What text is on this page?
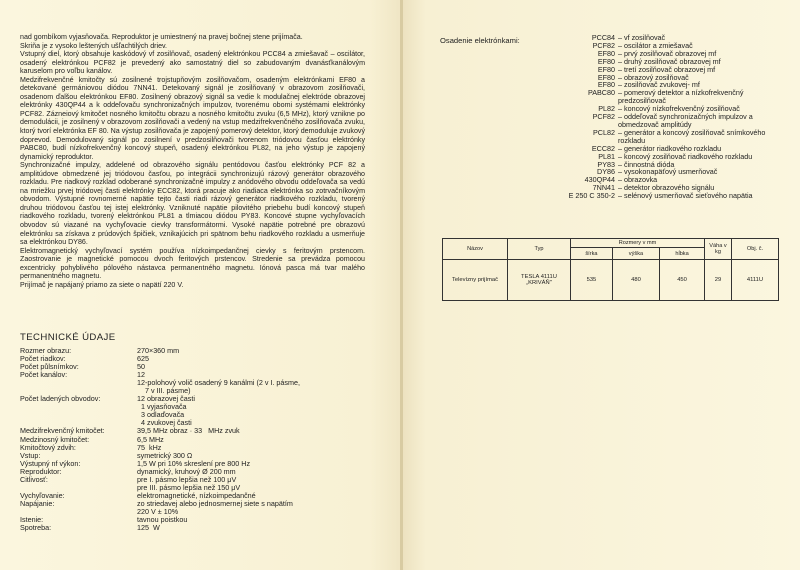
nad gombíkom vyjasňovača. Reproduktor je umiestnený na pravej bočnej stene prijímača.

Skriňa je z vysoko leštených ušľachtilých driev.

Vstupný diel, ktorý obsahuje kaskódový vf zosilňovač, osadený elektrónkou PCC84 a zmiešavač – oscilátor, osadený elektrónkou PCF82 je prevedený ako samostatný diel so zabudovaným dvanásťkanálovým karuselom pro voľbu kanálov.

Medzifrekvenčné kmitočty sú zosilnené trojstupňovým zosilňovačom, osadeným elektrónkami EF80 a detekované germániovou diódou 7NN41. Detekovaný signál je zosilňovaný v obrazovom zosilňovači, osadenom ďalšou elektrónkou EF80. Zosilnený obrazový signál sa vedie k modulačnej elektróde obrazovej elektrónky 430QP44 a k oddeľovaču synchronizačných impulzov, tvorenému obomi systémami elektrónky PCF82. Zázneiový kmitočet nosného kmitočtu obrazu a nosného kmitočtu zvuku (6,5 MHz), ktorý vznikne po demodulácii, je zosilnený v obrazovom zosilňovači a vedený na vstup medzifrekvenčného zosilňovača zvuku, ktorý tvorí elektrónka EF 80. Na výstup zosilňovača je zapojený pomerový detektor, ktorý demoduluje zvukový doprevod. Demodulovaný signál po zosilnení v predzosilňovači tvorenom triódovou časťou elektrónky PABC80, budí nízkofrekvenčný koncový stupeň, osadený elektrónkou PL82, na jeho výstup je zapojený dynamický reproduktor.

Synchronizačné impulzy, addelené od obrazového signálu pentódovou časťou elektrónky PCF 82 a amplitúdove obmedzené jej triódovou časťou, po integrácii synchronizujú rázový generátor obrazového rozkladu. Pre riadkový rozklad odoberané synchronizačné impulzy z anódového obvodu oddeľovača sa vedú na mriežku prvej triódovej časti elektrónky ECC82, ktorá pracuje ako riadiaca elektrónka so zotrvačníkovým obvodom. Výstupné rovnomerné napätie tejto časti riadi rázový generátor riadkového rozkladu, tvorený druhou triódovou časťou tej istej elektrónky. Vzniknuté napätie pilovitého priebehu budí koncový stupeň riadkového rozkladu, tvorený elektrónkou PL81 a tlmiacou diódou PY83. Koncové stupne vychyľovacích obvodov sú viazané na vychyľovacie cievky transformátormi. Vysoké napätie potrebné pre obrazovú elektrónku sa získava z prúdových špičiek, vznikajúcich pri spätnom behu riadkového rozkladu a usmerňuje sa elektrónkou DY86.

Elektromagnetický vychyľovací systém používa nízkoimpedančnej cievky s feritovým prstencom. Zaostrovanie je magnetické pomocou dvoch feritových prstencov. Stredenie sa prevádza pomocou excentricky pohyblivého pólového nástavca permanentného magnetu. Iónová pasca má tvar malého permanentného magnetu.

Prijímač je napájaný priamo za siete o napätí 220 V.

TECHNICKÉ ÚDAJE
Rozmer obrazu:	270×360 mm
Počet riadkov:	625
Počet půlsnímkov:	50
Počet kanálov:	12
12-polohový volič osadený 9 kanálmi (2 v I. pásme,
7 v III. pásme)
Počet ladených obvodov:	12 obrazovej časti
1 vyjasňovača
3 odlaďovača
4 zvukovej časti
Medzifrekvenčný kmitočet:	39,5 MHz obraz · 33   MHz zvuk
Medzinosný kmitočet:	6,5 MHz
Kmitočtový zdvih:	75  kHz
Vstup:	symetrický 300 Ω
Výstupný nf výkon:	1,5 W pri 10% skreslení pre 800 Hz
Reproduktor:	dynamický, kruhový Ø 200 mm
Citlivosť:	pre I. pásmo lepšia než 100 μV
pre III. pásmo lepšia než 150 μV
Vychyľovanie:	elektromagnetické, nízkoimpedančné
Napájanie:	zo striedavej alebo jednosmernej siete s napätím
220 V ± 10%
Istenie:	tavnou poistkou
Spotreba:	125  W
Osadenie elektrónkami:	PCC84 – vf zosilňovač
PCF82 – oscilátor a zmiešavač
EF80 – prvý zosilňovač obrazovej mf
EF80 – druhý zosilňovač obrazovej mf
EF80 – tretí zosilňovač obrazovej mf
EF80 – obrazový zosilňovač
EF80 – zosilňovač zvukovej- mf
PABC80 – pomerový detektor a nízkofrekvenčný predzosilňovač
PL82 – koncový nízkofrekvenčný zosilňovač
PCF82 – oddeľovač synchronizačných impulzov a obmedzovač amplitúdy
PCL82 – generátor a koncový zosilňovač snímkového rozkladu
ECC82 – generátor riadkového rozkladu
PL81 – koncový zosilňovač riadkového rozkladu
PY83 – činnostná dióda
DY86 – vysokonapäťový usmerňovač
430QP44 – obrazovka
7NN41 – detektor obrazového signálu
E 250 C 350-2 – selénový usmerňovač sieťového napätia
Názov	Typ	Rozmery v mm			Váha v kg	Obj. č.
		šírka	výška	hĺbka		
Televízny prijímač	TESLA 4111U „KRIVÁŇ"	535	480	450	29	4111U
